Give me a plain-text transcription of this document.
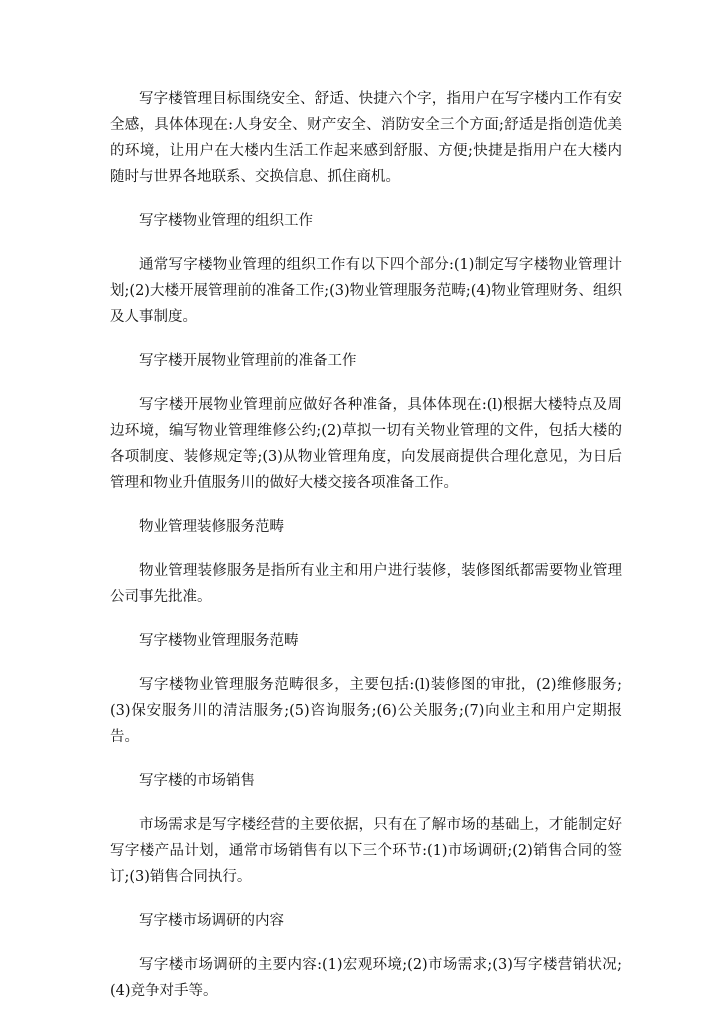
写字楼管理目标围绕安全、舒适、快捷六个字，指用户在写字楼内工作有安全感，具体体现在:人身安全、财产安全、消防安全三个方面;舒适是指创造优美的环境，让用户在大楼内生活工作起来感到舒服、方便;快捷是指用户在大楼内随时与世界各地联系、交换信息、抓住商机。

写字楼物业管理的组织工作

通常写字楼物业管理的组织工作有以下四个部分:(1)制定写字楼物业管理计划;(2)大楼开展管理前的准备工作;(3)物业管理服务范畴;(4)物业管理财务、组织及人事制度。

写字楼开展物业管理前的准备工作

写字楼开展物业管理前应做好各种准备，具体体现在:(l)根据大楼特点及周边环境，编写物业管理维修公约;(2)草拟一切有关物业管理的文件，包括大楼的各项制度、装修规定等;(3)从物业管理角度，向发展商提供合理化意见，为日后管理和物业升值服务川的做好大楼交接各项准备工作。

物业管理装修服务范畴

物业管理装修服务是指所有业主和用户进行装修，装修图纸都需要物业管理公司事先批准。

写字楼物业管理服务范畴

写字楼物业管理服务范畴很多，主要包括:(l)装修图的审批，(2)维修服务;(3)保安服务川的清洁服务;(5)咨询服务;(6)公关服务;(7)向业主和用户定期报告。

写字楼的市场销售

市场需求是写字楼经营的主要依据，只有在了解市场的基础上，才能制定好写字楼产品计划，通常市场销售有以下三个环节:(1)市场调研;(2)销售合同的签订;(3)销售合同执行。

写字楼市场调研的内容

写字楼市场调研的主要内容:(1)宏观环境;(2)市场需求;(3)写字楼营销状况;(4)竞争对手等。
